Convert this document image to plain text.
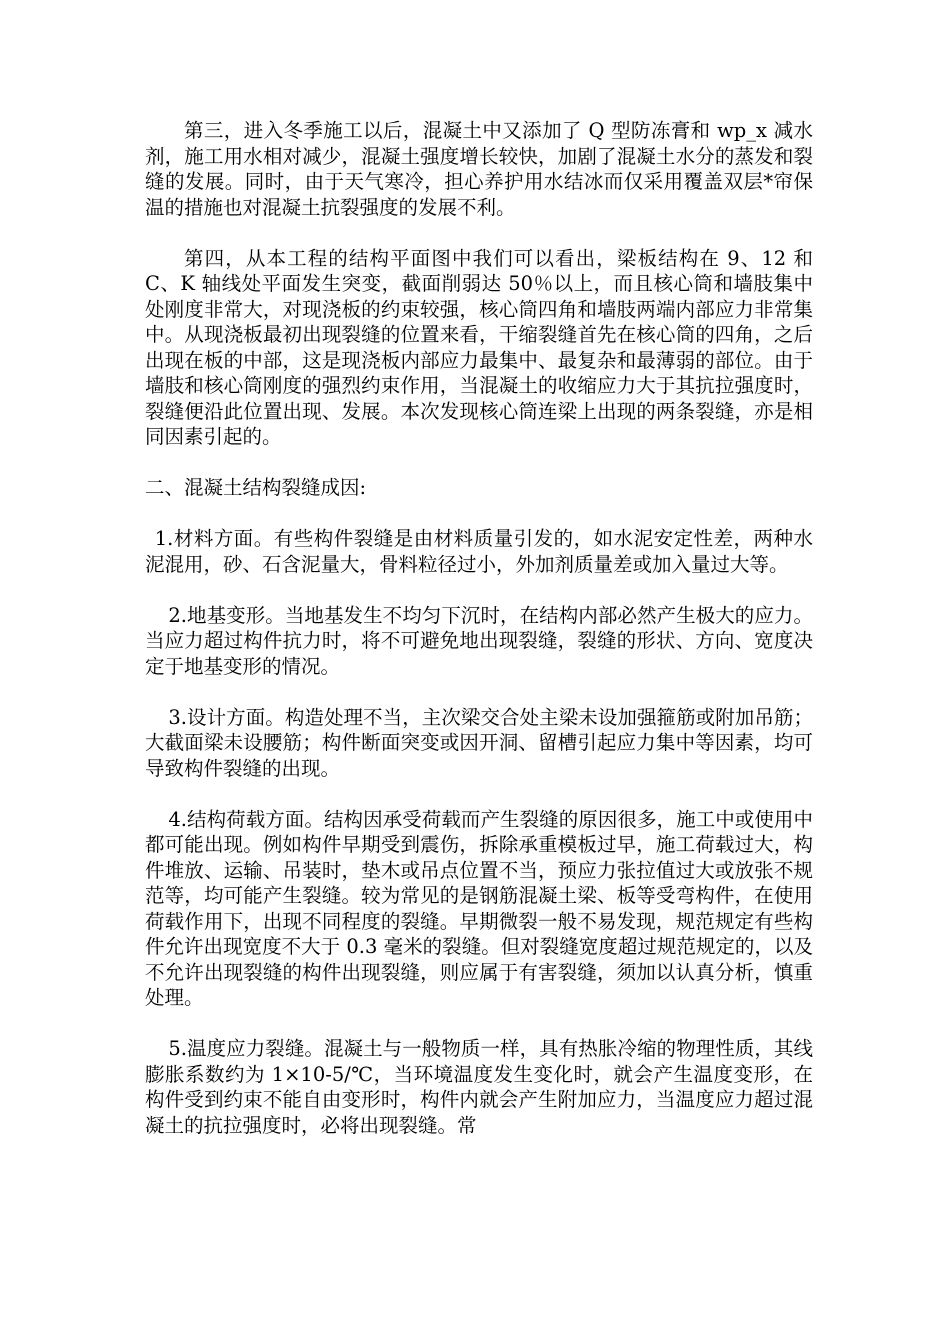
第三，进入冬季施工以后，混凝土中又添加了 Q 型防冻膏和 wp_x 减水剂，施工用水相对减少，混凝土强度增长较快，加剧了混凝土水分的蒸发和裂缝的发展。同时，由于天气寒冷，担心养护用水结冰而仅采用覆盖双层*帘保温的措施也对混凝土抗裂强度的发展不利。

第四，从本工程的结构平面图中我们可以看出，梁板结构在 9、12 和 C、K 轴线处平面发生突变，截面削弱达 50％以上，而且核心筒和墙肢集中处刚度非常大，对现浇板的约束较强，核心筒四角和墙肢两端内部应力非常集中。从现浇板最初出现裂缝的位置来看，干缩裂缝首先在核心筒的四角，之后出现在板的中部，这是现浇板内部应力最集中、最复杂和最薄弱的部位。由于墙肢和核心筒刚度的强烈约束作用，当混凝土的收缩应力大于其抗拉强度时，裂缝便沿此位置出现、发展。本次发现核心筒连梁上出现的两条裂缝，亦是相同因素引起的。

二、混凝土结构裂缝成因:

1.材料方面。有些构件裂缝是由材料质量引发的，如水泥安定性差，两种水泥混用，砂、石含泥量大，骨料粒径过小，外加剂质量差或加入量过大等。

2.地基变形。当地基发生不均匀下沉时，在结构内部必然产生极大的应力。当应力超过构件抗力时，将不可避免地出现裂缝，裂缝的形状、方向、宽度决定于地基变形的情况。

3.设计方面。构造处理不当，主次梁交合处主梁未设加强箍筋或附加吊筋；大截面梁未设腰筋；构件断面突变或因开洞、留槽引起应力集中等因素，均可导致构件裂缝的出现。

4.结构荷载方面。结构因承受荷载而产生裂缝的原因很多，施工中或使用中都可能出现。例如构件早期受到震伤，拆除承重模板过早，施工荷载过大，构件堆放、运输、吊装时，垫木或吊点位置不当，预应力张拉值过大或放张不规范等，均可能产生裂缝。较为常见的是钢筋混凝土梁、板等受弯构件，在使用荷载作用下，出现不同程度的裂缝。早期微裂一般不易发现，规范规定有些构件允许出现宽度不大于 0.3 毫米的裂缝。但对裂缝宽度超过规范规定的，以及不允许出现裂缝的构件出现裂缝，则应属于有害裂缝，须加以认真分析，慎重处理。

5.温度应力裂缝。混凝土与一般物质一样，具有热胀冷缩的物理性质，其线膨胀系数约为 1×10-5/℃，当环境温度发生变化时，就会产生温度变形，在构件受到约束不能自由变形时，构件内就会产生附加应力，当温度应力超过混凝土的抗拉强度时，必将出现裂缝。常
